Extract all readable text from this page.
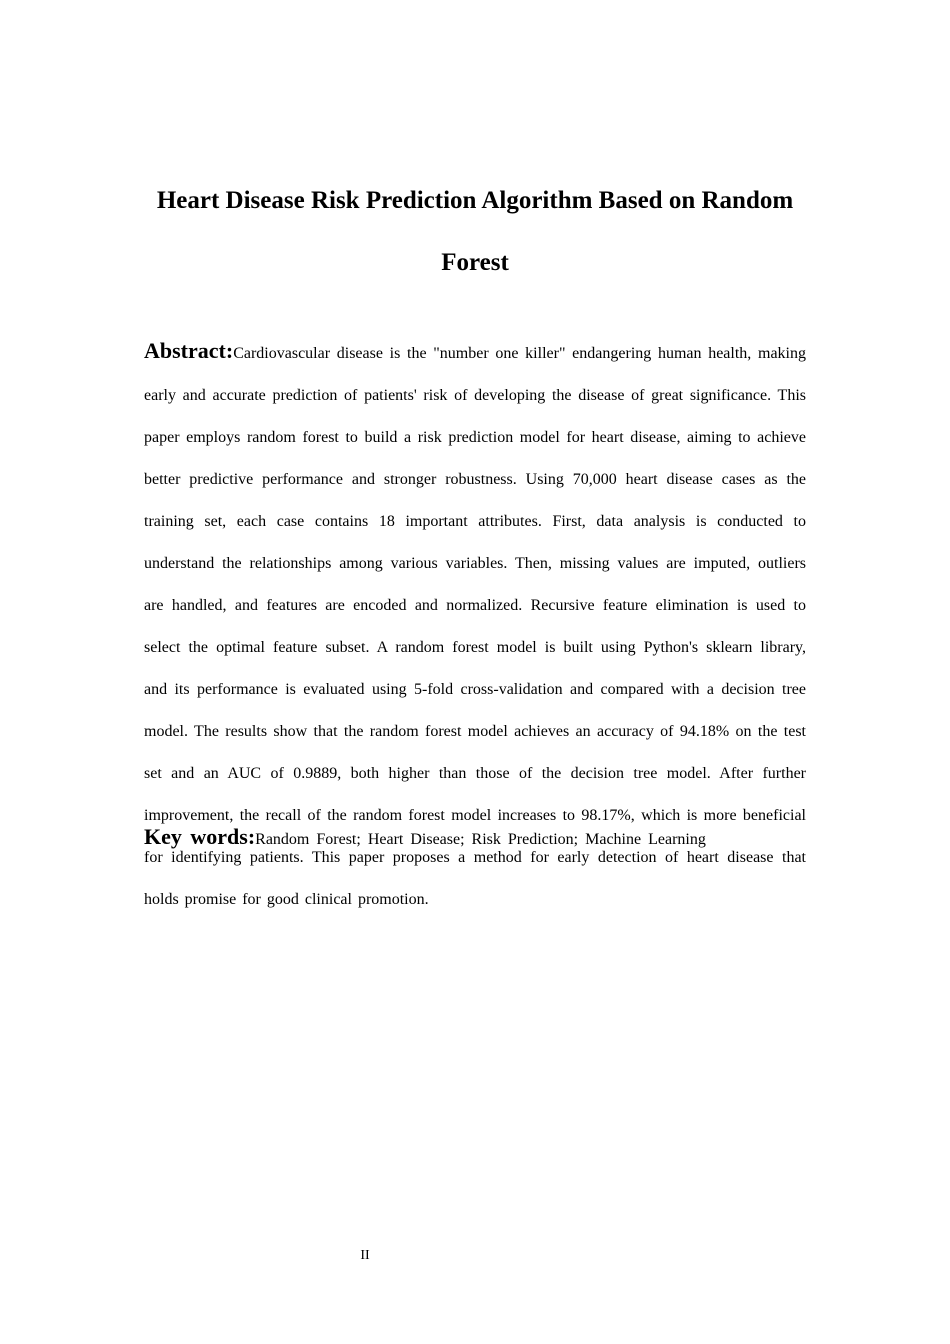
Heart Disease Risk Prediction Algorithm Based on Random Forest

Abstract:Cardiovascular disease is the "number one killer" endangering human health, making early and accurate prediction of patients' risk of developing the disease of great significance. This paper employs random forest to build a risk prediction model for heart disease, aiming to achieve better predictive performance and stronger robustness. Using 70,000 heart disease cases as the training set, each case contains 18 important attributes. First, data analysis is conducted to understand the relationships among various variables. Then, missing values are imputed, outliers are handled, and features are encoded and normalized. Recursive feature elimination is used to select the optimal feature subset. A random forest model is built using Python's sklearn library, and its performance is evaluated using 5-fold cross-validation and compared with a decision tree model. The results show that the random forest model achieves an accuracy of 94.18% on the test set and an AUC of 0.9889, both higher than those of the decision tree model. After further improvement, the recall of the random forest model increases to 98.17%, which is more beneficial for identifying patients. This paper proposes a method for early detection of heart disease that holds promise for good clinical promotion.

Key words:Random Forest; Heart Disease; Risk Prediction; Machine Learning

II
